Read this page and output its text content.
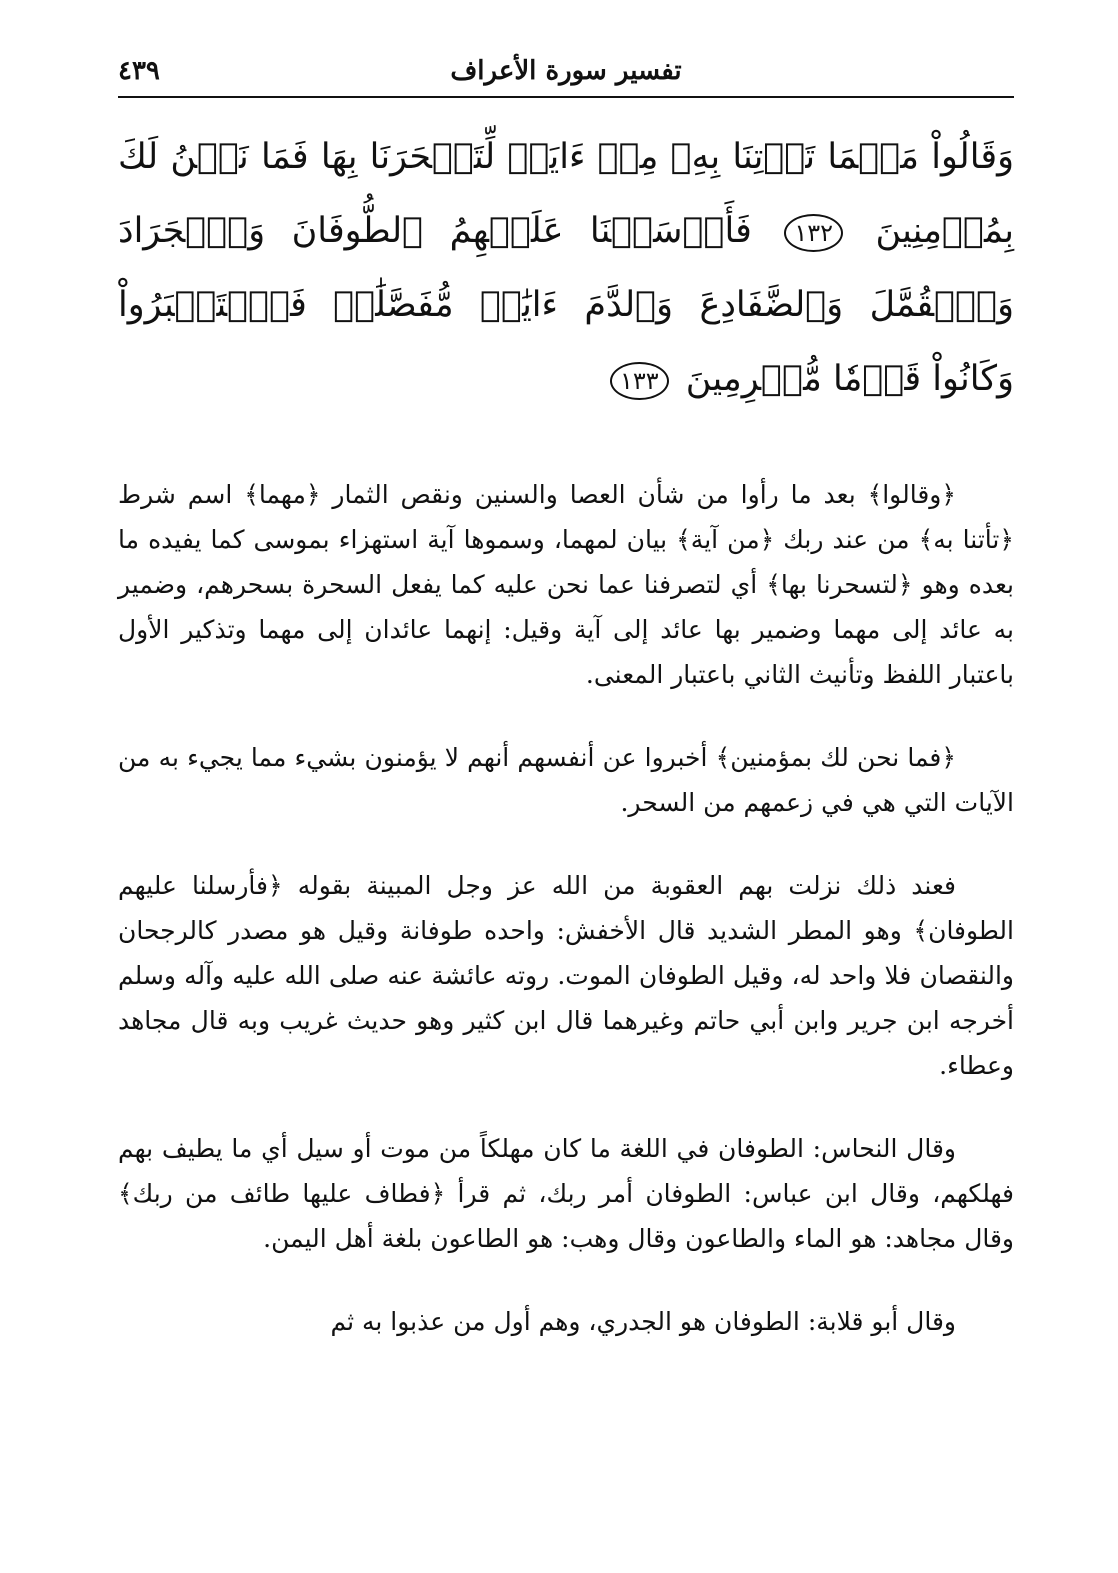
تفسير سورة الأعراف
٤٣٩
وَقَالُواْ مَهۡمَا تَأۡتِنَا بِهِۦ مِنۡ ءَايَةٖ لِّتَسۡحَرَنَا بِهَا فَمَا نَحۡنُ لَكَ بِمُؤۡمِنِينَ ١٣٢ فَأَرۡسَلۡنَا عَلَيۡهِمُ ٱلطُّوفَانَ وَٱلۡجَرَادَ وَٱلۡقُمَّلَ وَٱلضَّفَادِعَ وَٱلدَّمَ ءَايَٰتٖ مُّفَصَّلَٰتٖ فَٱسۡتَكۡبَرُواْ وَكَانُواْ قَوۡمٗا مُّجۡرِمِينَ ١٣٣

﴿وقالوا﴾ بعد ما رأوا من شأن العصا والسنين ونقص الثمار ﴿مهما﴾ اسم شرط ﴿تأتنا به﴾ من عند ربك ﴿من آية﴾ بيان لمهما، وسموها آية استهزاء بموسى كما يفيده ما بعده وهو ﴿لتسحرنا بها﴾ أي لتصرفنا عما نحن عليه كما يفعل السحرة بسحرهم، وضمير به عائد إلى مهما وضمير بها عائد إلى آية وقيل: إنهما عائدان إلى مهما وتذكير الأول باعتبار اللفظ وتأنيث الثاني باعتبار المعنى.

﴿فما نحن لك بمؤمنين﴾ أخبروا عن أنفسهم أنهم لا يؤمنون بشيء مما يجيء به من الآيات التي هي في زعمهم من السحر.

فعند ذلك نزلت بهم العقوبة من الله عز وجل المبينة بقوله ﴿فأرسلنا عليهم الطوفان﴾ وهو المطر الشديد قال الأخفش: واحده طوفانة وقيل هو مصدر كالرجحان والنقصان فلا واحد له، وقيل الطوفان الموت. روته عائشة عنه صلى الله عليه وآله وسلم أخرجه ابن جرير وابن أبي حاتم وغيرهما قال ابن كثير وهو حديث غريب وبه قال مجاهد وعطاء.

وقال النحاس: الطوفان في اللغة ما كان مهلكاً من موت أو سيل أي ما يطيف بهم فهلكهم، وقال ابن عباس: الطوفان أمر ربك، ثم قرأ ﴿فطاف عليها طائف من ربك﴾ وقال مجاهد: هو الماء والطاعون وقال وهب: هو الطاعون بلغة أهل اليمن.

وقال أبو قلابة: الطوفان هو الجدري، وهم أول من عذبوا به ثم
